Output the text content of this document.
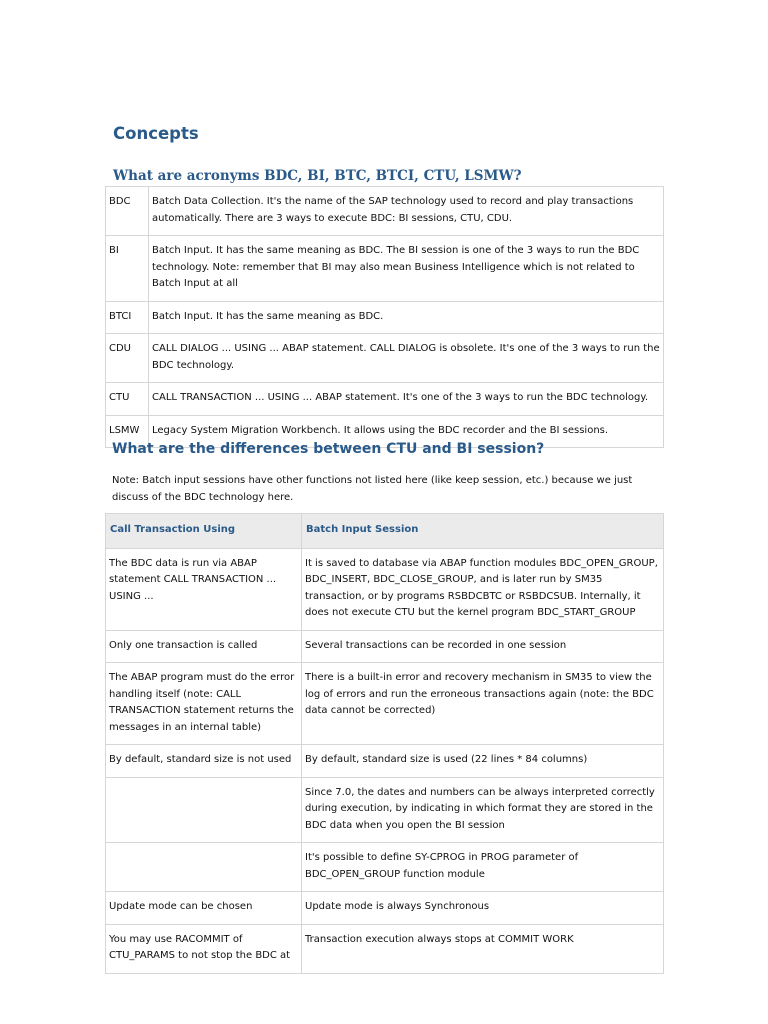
Concepts
What are acronyms BDC, BI, BTC, BTCI, CTU, LSMW?
BDC	Batch Data Collection. It's the name of the SAP technology used to record and play transactions automatically. There are 3 ways to execute BDC: BI sessions, CTU, CDU.
BI	Batch Input. It has the same meaning as BDC. The BI session is one of the 3 ways to run the BDC technology. Note: remember that BI may also mean Business Intelligence which is not related to Batch Input at all
BTCI	Batch Input. It has the same meaning as BDC.
CDU	CALL DIALOG ... USING ... ABAP statement. CALL DIALOG is obsolete. It's one of the 3 ways to run the BDC technology.
CTU	CALL TRANSACTION ... USING ... ABAP statement. It's one of the 3 ways to run the BDC technology.
LSMW	Legacy System Migration Workbench. It allows using the BDC recorder and the BI sessions.
What are the differences between CTU and BI session?

Note: Batch input sessions have other functions not listed here (like keep session, etc.) because we just discuss of the BDC technology here.

Call Transaction Using	Batch Input Session
The BDC data is run via ABAP statement CALL TRANSACTION ... USING ...	It is saved to database via ABAP function modules BDC_OPEN_GROUP, BDC_INSERT, BDC_CLOSE_GROUP, and is later run by SM35 transaction, or by programs RSBDCBTC or RSBDCSUB. Internally, it does not execute CTU but the kernel program BDC_START_GROUP
Only one transaction is called	Several transactions can be recorded in one session
The ABAP program must do the error handling itself (note: CALL TRANSACTION statement returns the messages in an internal table)	There is a built-in error and recovery mechanism in SM35 to view the log of errors and run the erroneous transactions again (note: the BDC data cannot be corrected)
By default, standard size is not used	By default, standard size is used (22 lines * 84 columns)
	Since 7.0, the dates and numbers can be always interpreted correctly during execution, by indicating in which format they are stored in the BDC data when you open the BI session
	It's possible to define SY-CPROG in PROG parameter of BDC_OPEN_GROUP function module
Update mode can be chosen	Update mode is always Synchronous
You may use RACOMMIT of CTU_PARAMS to not stop the BDC at	Transaction execution always stops at COMMIT WORK
